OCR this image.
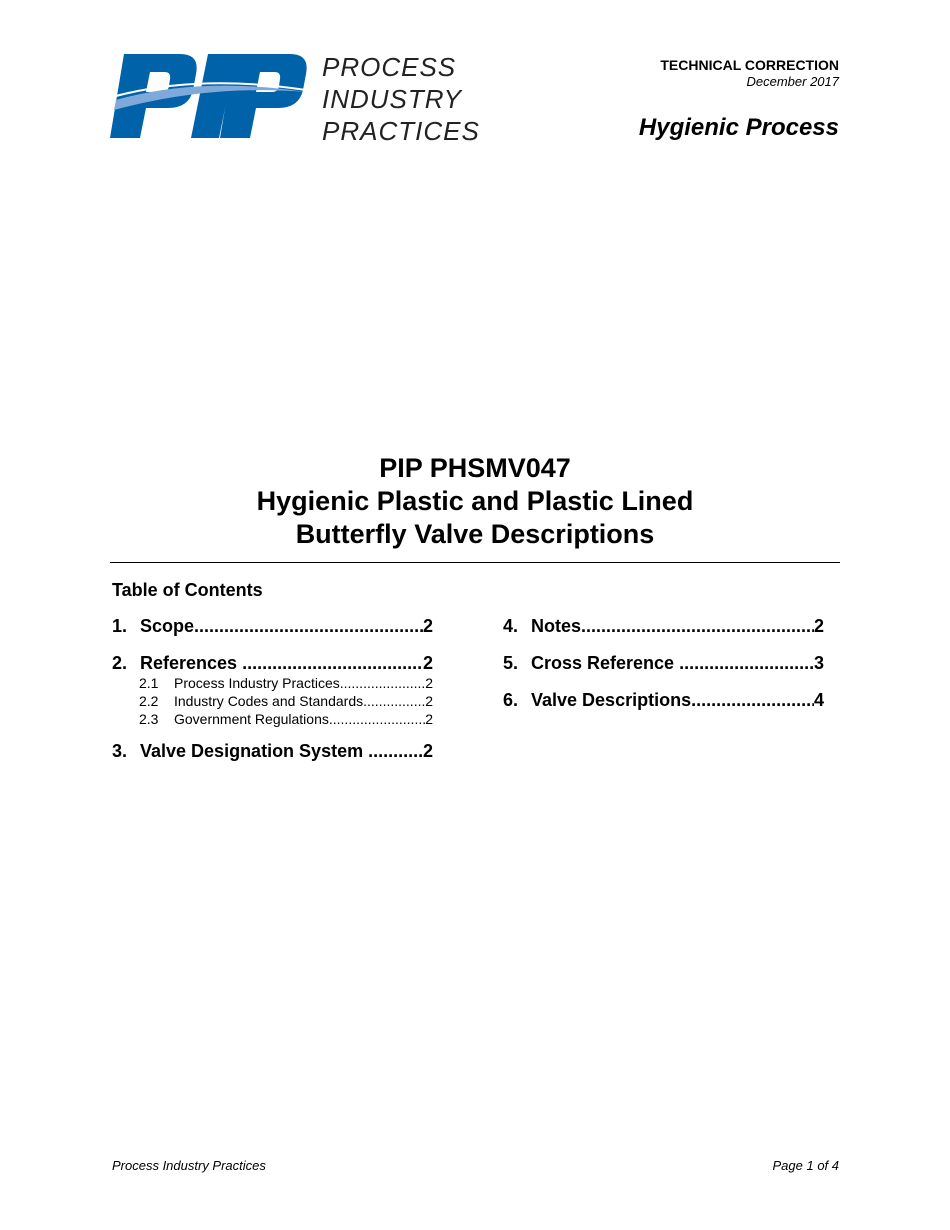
PROCESS
INDUSTRY
PRACTICES
TECHNICAL CORRECTION
December 2017
Hygienic Process
PIP PHSMV047
Hygienic Plastic and Plastic Lined
Butterfly Valve Descriptions
Table of Contents
1. Scope .....	2
2. References .....	2
2.1	Process Industry Practices .....	2
2.2	Industry Codes and Standards .....	2
2.3	Government Regulations .....	2
3. Valve Designation System .....	2
4. Notes .....	2
5. Cross Reference .....	3
6. Valve Descriptions .....	4
Process Industry Practices	Page 1 of 4
